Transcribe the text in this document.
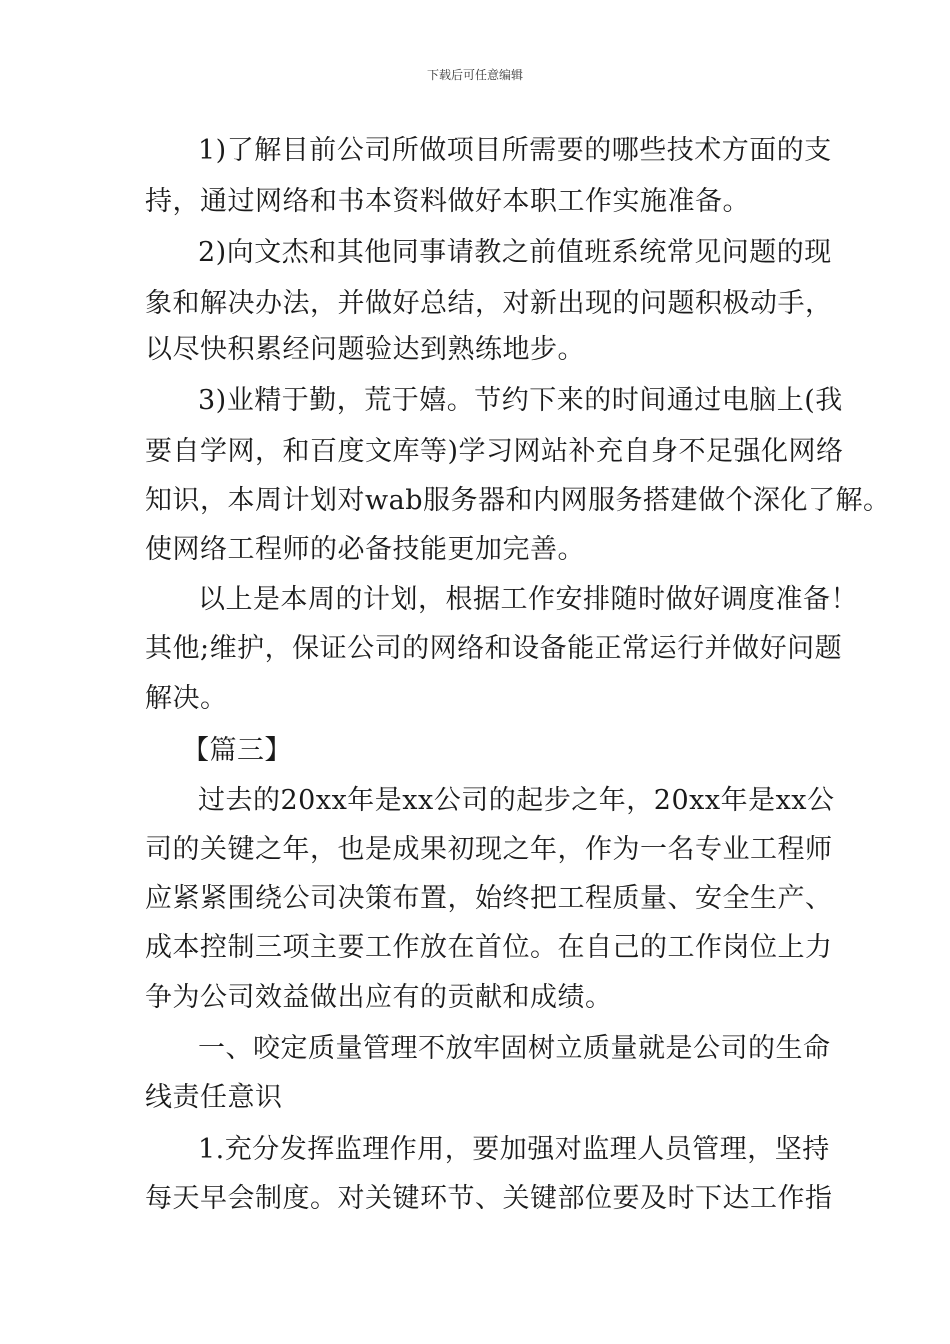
下载后可任意编辑
1)了解目前公司所做项目所需要的哪些技术方面的支
持，通过网络和书本资料做好本职工作实施准备。
2)向文杰和其他同事请教之前值班系统常见问题的现
象和解决办法，并做好总结，对新出现的问题积极动手，
以尽快积累经问题验达到熟练地步。
3)业精于勤，荒于嬉。节约下来的时间通过电脑上(我
要自学网，和百度文库等)学习网站补充自身不足强化网络
知识，本周计划对wab服务器和内网服务搭建做个深化了解。
使网络工程师的必备技能更加完善。
以上是本周的计划，根据工作安排随时做好调度准备！
其他;维护，保证公司的网络和设备能正常运行并做好问题
解决。
【篇三】
过去的20xx年是xx公司的起步之年，20xx年是xx公
司的关键之年，也是成果初现之年，作为一名专业工程师
应紧紧围绕公司决策布置，始终把工程质量、安全生产、
成本控制三项主要工作放在首位。在自己的工作岗位上力
争为公司效益做出应有的贡献和成绩。
一、咬定质量管理不放牢固树立质量就是公司的生命
线责任意识
1.充分发挥监理作用，要加强对监理人员管理，坚持
每天早会制度。对关键环节、关键部位要及时下达工作指
